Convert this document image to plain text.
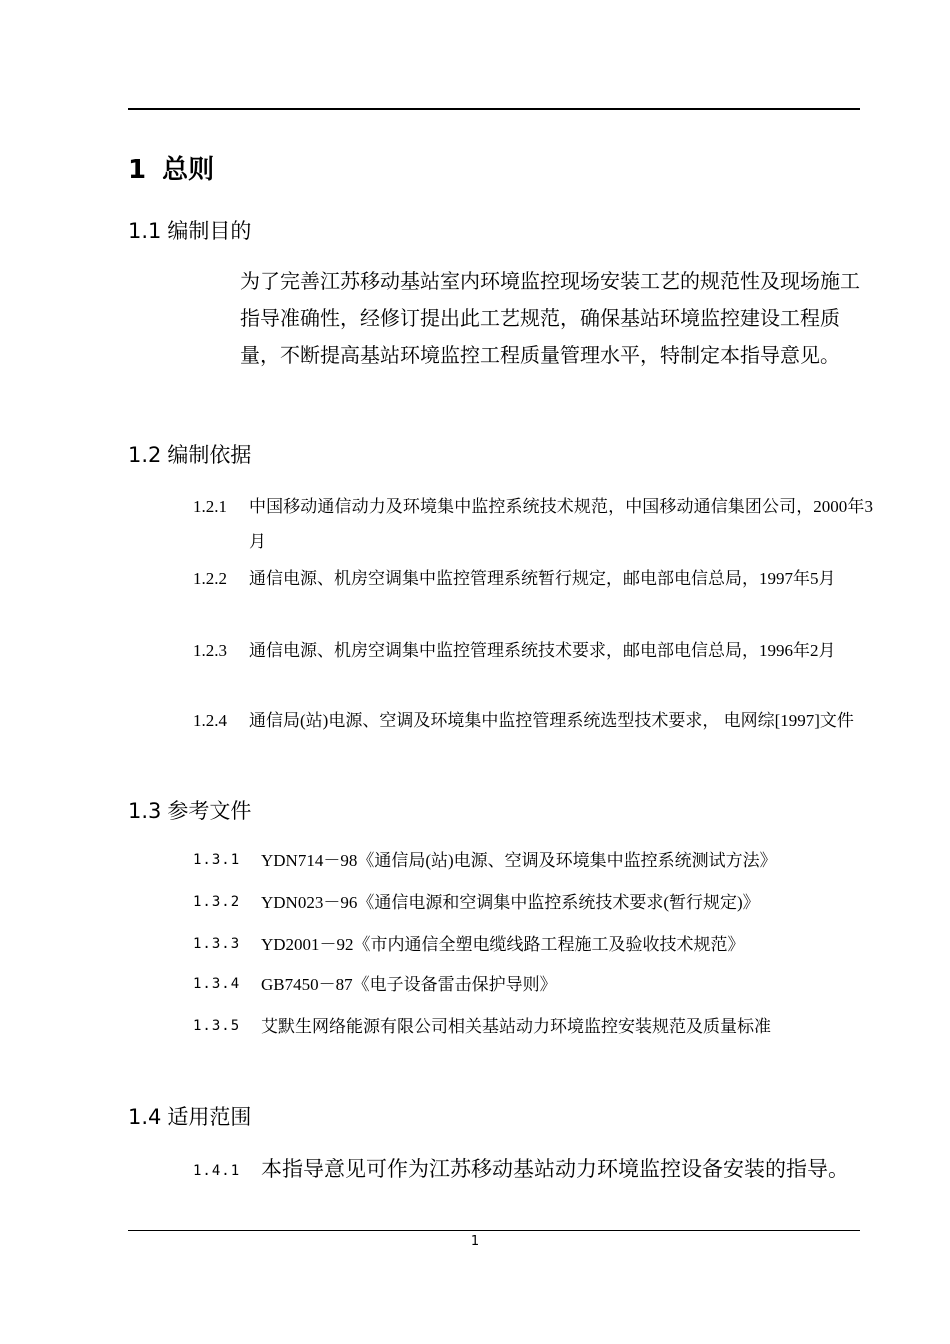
1 总则
1.1 编制目的

为了完善江苏移动基站室内环境监控现场安装工艺的规范性及现场施工指导准确性，经修订提出此工艺规范，确保基站环境监控建设工程质量，不断提高基站环境监控工程质量管理水平，特制定本指导意见。

1.2 编制依据
1.2.1 中国移动通信动力及环境集中监控系统技术规范，中国移动通信集团公司，2000年3月
1.2.2 通信电源、机房空调集中监控管理系统暂行规定，邮电部电信总局，1997年5月
1.2.3 通信电源、机房空调集中监控管理系统技术要求，邮电部电信总局，1996年2月
1.2.4 通信局(站)电源、空调及环境集中监控管理系统选型技术要求， 电网综[1997]文件
1.3 参考文件
1.3.1 YDN714－98《通信局(站)电源、空调及环境集中监控系统测试方法》
1.3.2 YDN023－96《通信电源和空调集中监控系统技术要求(暂行规定)》
1.3.3 YD2001－92《市内通信全塑电缆线路工程施工及验收技术规范》
1.3.4 GB7450－87《电子设备雷击保护导则》
1.3.5 艾默生网络能源有限公司相关基站动力环境监控安装规范及质量标准
1.4 适用范围
1.4.1 本指导意见可作为江苏移动基站动力环境监控设备安装的指导。
1
